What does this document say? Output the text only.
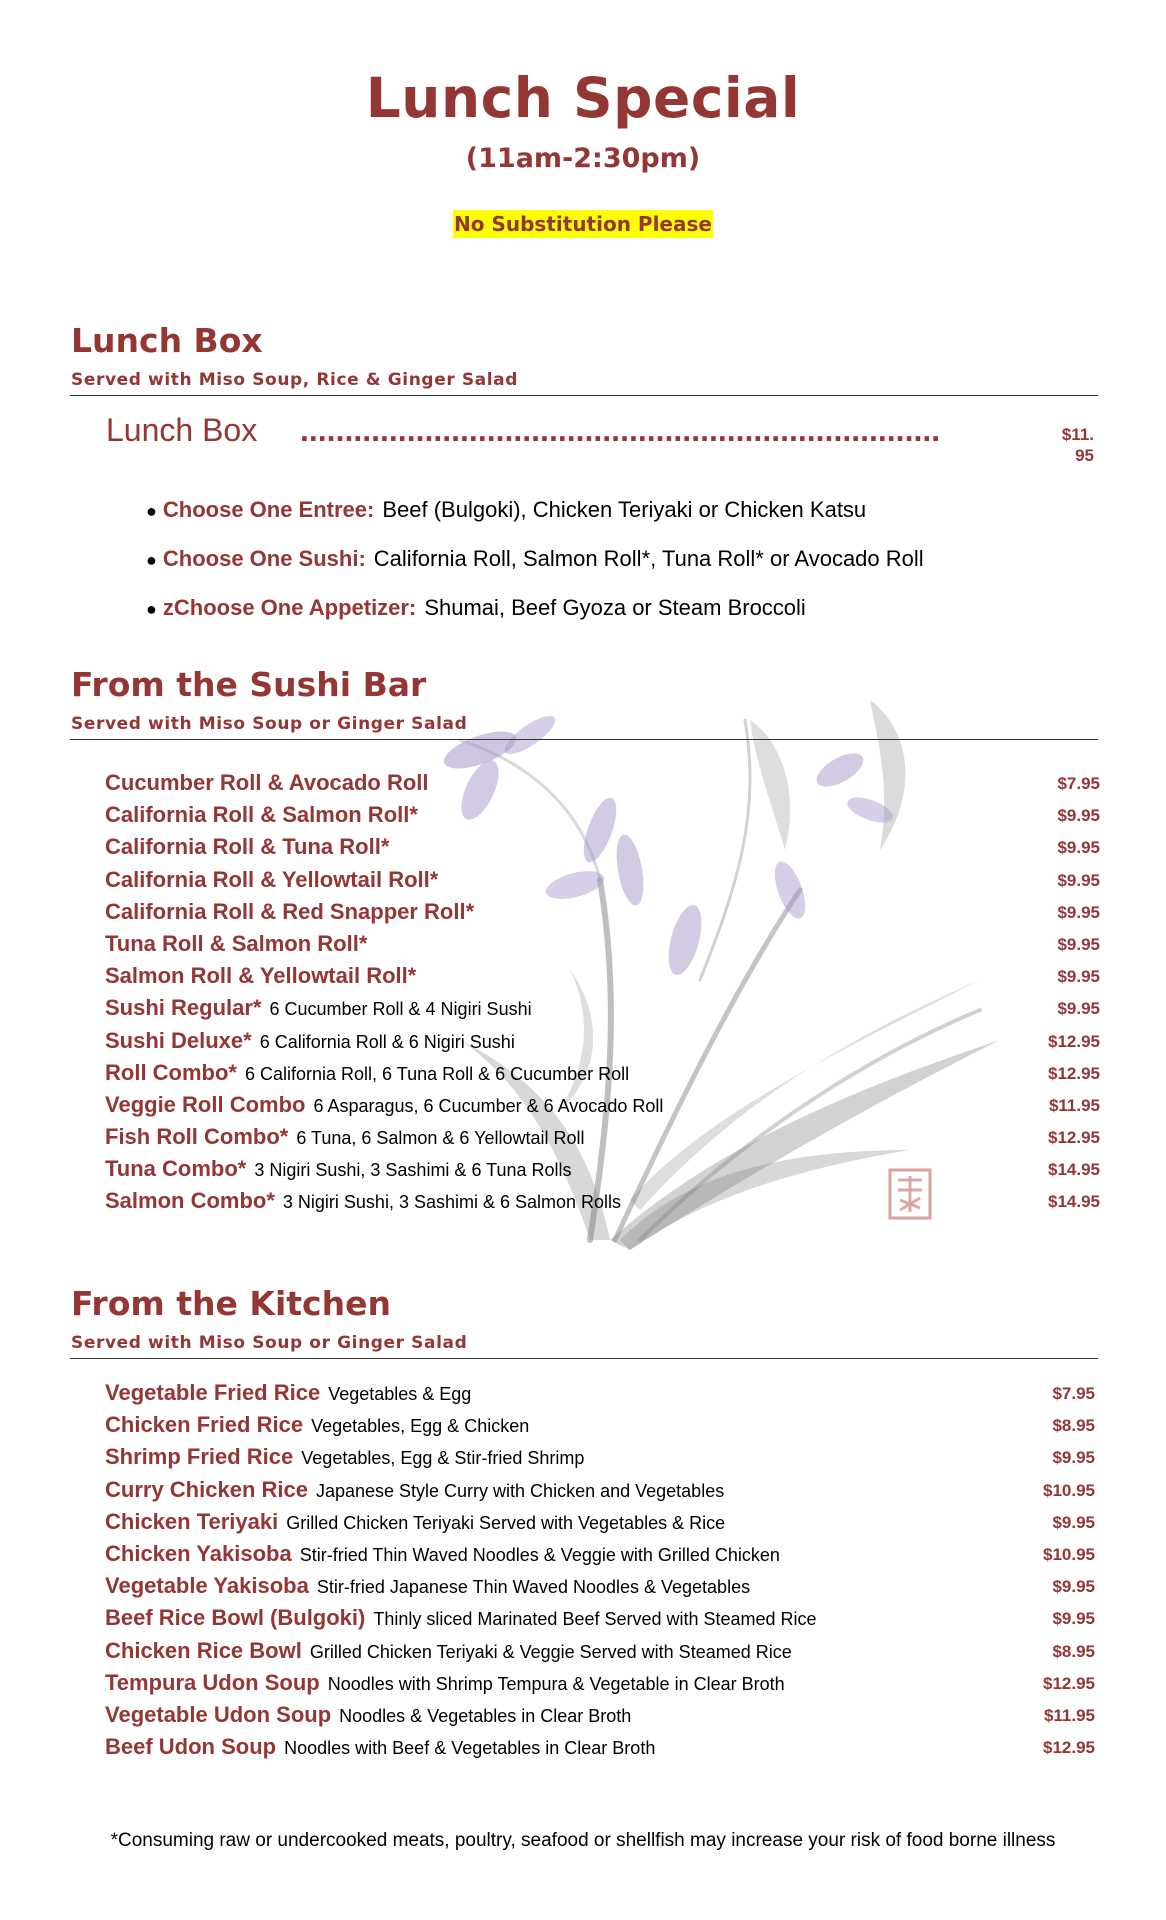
Lunch Special
(11am-2:30pm)
No Substitution Please
Lunch Box
Served with Miso Soup, Rice & Ginger Salad
Lunch Box ........................................................................	$11.
95
● Choose One Entree: Beef (Bulgoki), Chicken Teriyaki or Chicken Katsu
● Choose One Sushi: California Roll, Salmon Roll*, Tuna Roll* or Avocado Roll
● zChoose One Appetizer: Shumai, Beef Gyoza or Steam Broccoli
From the Sushi Bar
Served with Miso Soup or Ginger Salad
Cucumber Roll & Avocado Roll	$7.95
California Roll & Salmon Roll*	$9.95
California Roll & Tuna Roll*	$9.95
California Roll & Yellowtail Roll*	$9.95
California Roll & Red Snapper Roll*	$9.95
Tuna Roll & Salmon Roll*	$9.95
Salmon Roll & Yellowtail Roll*	$9.95
Sushi Regular* 6 Cucumber Roll & 4 Nigiri Sushi	$9.95
Sushi Deluxe* 6 California Roll & 6 Nigiri Sushi	$12.95
Roll Combo* 6 California Roll, 6 Tuna Roll & 6 Cucumber Roll	$12.95
Veggie Roll Combo 6 Asparagus, 6 Cucumber & 6 Avocado Roll	$11.95
Fish Roll Combo* 6 Tuna, 6 Salmon & 6 Yellowtail Roll	$12.95
Tuna Combo* 3 Nigiri Sushi, 3 Sashimi & 6 Tuna Rolls	$14.95
Salmon Combo* 3 Nigiri Sushi, 3 Sashimi & 6 Salmon Rolls	$14.95
From the Kitchen
Served with Miso Soup or Ginger Salad
Vegetable Fried Rice Vegetables & Egg	$7.95
Chicken Fried Rice Vegetables, Egg & Chicken	$8.95
Shrimp Fried Rice Vegetables, Egg & Stir-fried Shrimp	$9.95
Curry Chicken Rice Japanese Style Curry with Chicken and Vegetables	$10.95
Chicken Teriyaki Grilled Chicken Teriyaki Served with Vegetables & Rice	$9.95
Chicken Yakisoba Stir-fried Thin Waved Noodles & Veggie with Grilled Chicken	$10.95
Vegetable Yakisoba Stir-fried Japanese Thin Waved Noodles & Vegetables	$9.95
Beef Rice Bowl (Bulgoki) Thinly sliced Marinated Beef Served with Steamed Rice	$9.95
Chicken Rice Bowl Grilled Chicken Teriyaki & Veggie Served with Steamed Rice	$8.95
Tempura Udon Soup Noodles with Shrimp Tempura & Vegetable in Clear Broth	$12.95
Vegetable Udon Soup Noodles & Vegetables in Clear Broth	$11.95
Beef Udon Soup Noodles with Beef & Vegetables in Clear Broth	$12.95
*Consuming raw or undercooked meats, poultry, seafood or shellfish may increase your risk of food borne illness
